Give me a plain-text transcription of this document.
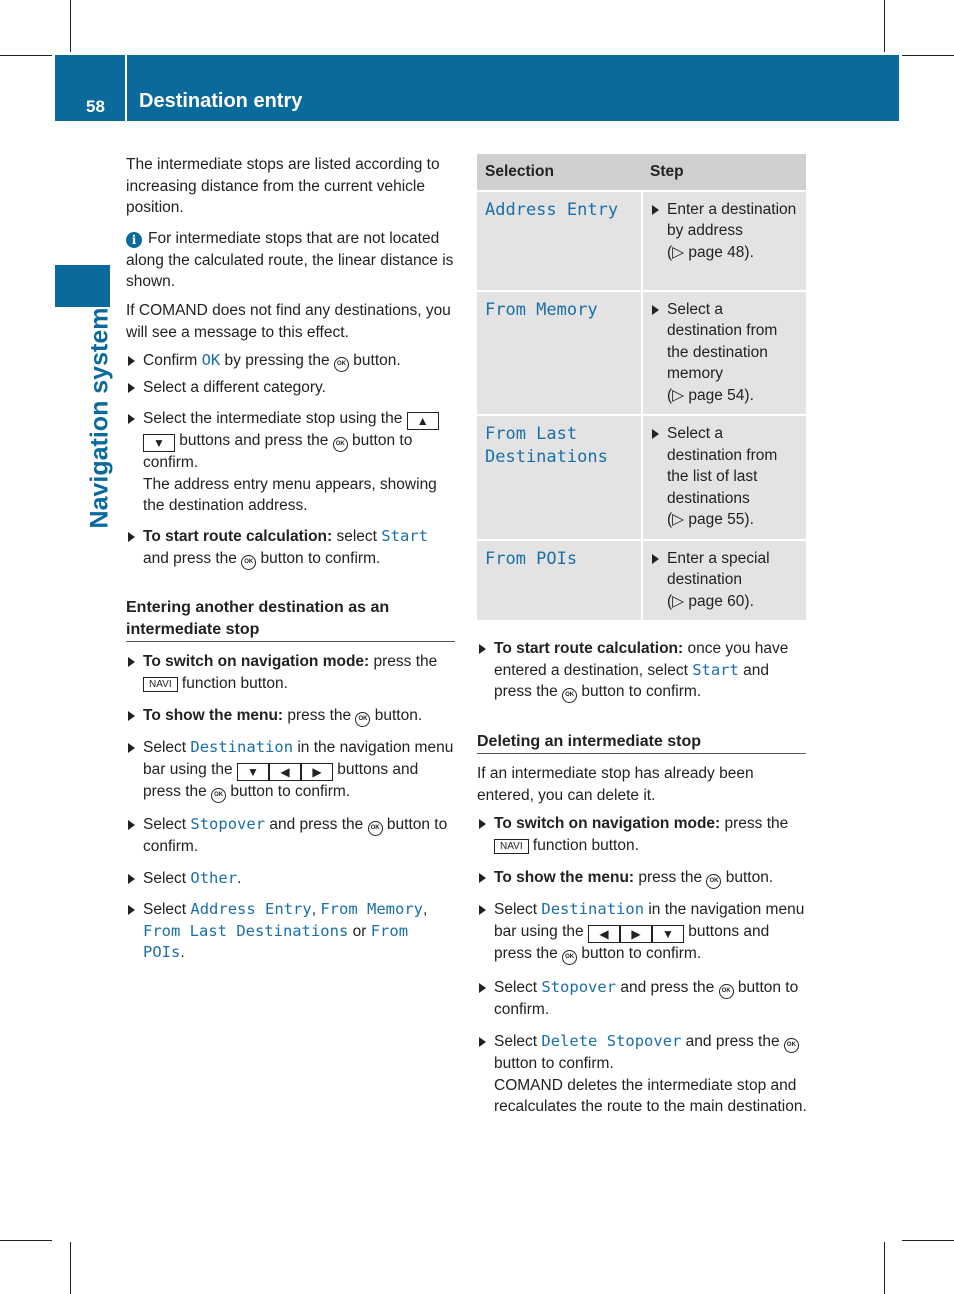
58 Destination entry
Navigation system

The intermediate stops are listed according to increasing distance from the current vehicle position.

i For intermediate stops that are not located along the calculated route, the linear distance is shown.

If COMAND does not find any destinations, you will see a message to this effect.

Confirm OK by pressing the OK button.

Select a different category.

Select the intermediate stop using the ▲▼ buttons and press the OK button to confirm.
The address entry menu appears, showing the destination address.

To start route calculation: select Start and press the OK button to confirm.

Entering another destination as an intermediate stop

To switch on navigation mode: press the NAVI function button.

To show the menu: press the OK button.

Select Destination in the navigation menu bar using the ▼ ◀ ▶ buttons and press the OK button to confirm.

Select Stopover and press the OK button to confirm.

Select Other.

Select Address Entry, From Memory, From Last Destinations or From POIs.

Selection	Step
Address Entry	Enter a destination by address
(▷ page 48).

From Memory	Select a destination from the destination memory
(▷ page 54).

From Last Destinations	Select a destination from the list of last destinations
(▷ page 55).

From POIs	Enter a special destination
(▷ page 60).

To start route calculation: once you have entered a destination, select Start and press the OK button to confirm.

Deleting an intermediate stop

If an intermediate stop has already been entered, you can delete it.

To switch on navigation mode: press the NAVI function button.

To show the menu: press the OK button.

Select Destination in the navigation menu bar using the ◀ ▶ ▼ buttons and press the OK button to confirm.

Select Stopover and press the OK button to confirm.

Select Delete Stopover and press the OK button to confirm.
COMAND deletes the intermediate stop and recalculates the route to the main destination.
